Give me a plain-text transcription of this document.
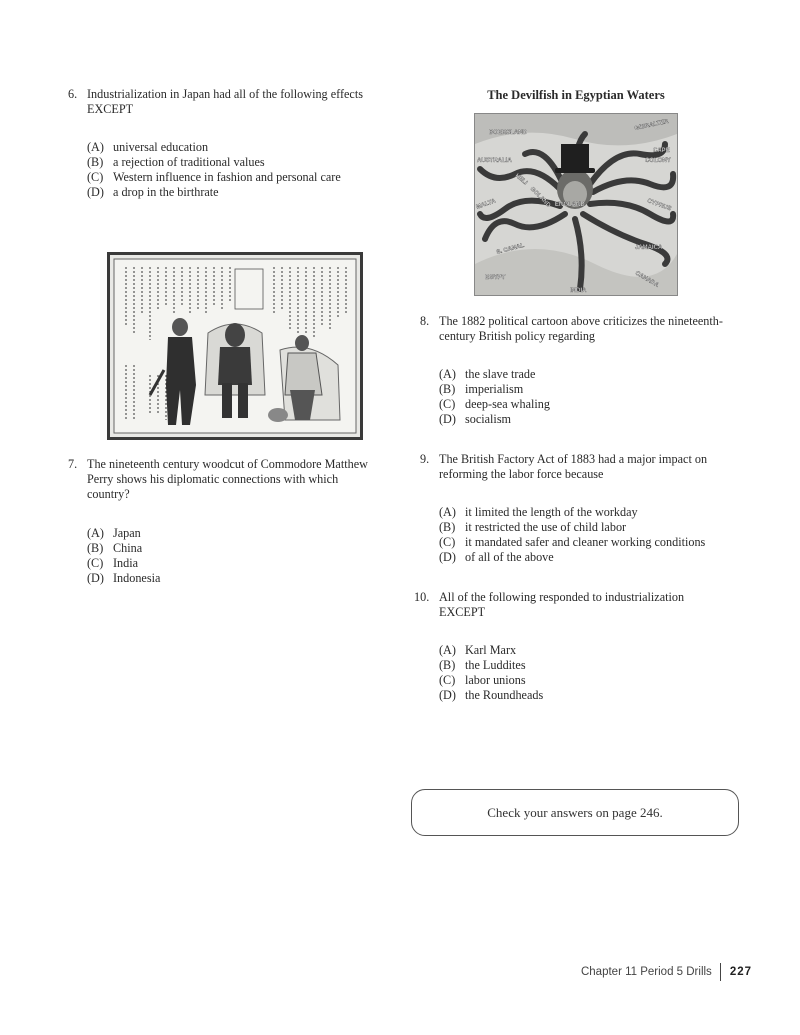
6. Industrialization in Japan had all of the following effects
EXCEPT
(A) universal education
(B) a rejection of traditional values
(C) Western influence in fashion and personal care
(D) a drop in the birthrate
7. The nineteenth century woodcut of Commodore Matthew
Perry shows his diplomatic connections with which
country?
(A) Japan
(B) China
(C) India
(D) Indonesia
The Devilfish in Egyptian Waters
BOERSLAND
AUSTRALIA
GIBRALTER
CAPE
COLONY
HELI
GOLAND ENGLAND
MALTA	CYPRUS
JAMAICA
S. CANAL
EGYPT
INDIA
CANADA
8. The 1882 political cartoon above criticizes the nineteenth-
century British policy regarding
(A) the slave trade
(B) imperialism
(C) deep-sea whaling
(D) socialism
9. The British Factory Act of 1883 had a major impact on
reforming the labor force because
(A) it limited the length of the workday
(B) it restricted the use of child labor
(C) it mandated safer and cleaner working conditions
(D) of all of the above
10. All of the following responded to industrialization
EXCEPT
(A) Karl Marx
(B) the Luddites
(C) labor unions
(D) the Roundheads
Check your answers on page 246.
Chapter 11 Period 5 Drills 227
